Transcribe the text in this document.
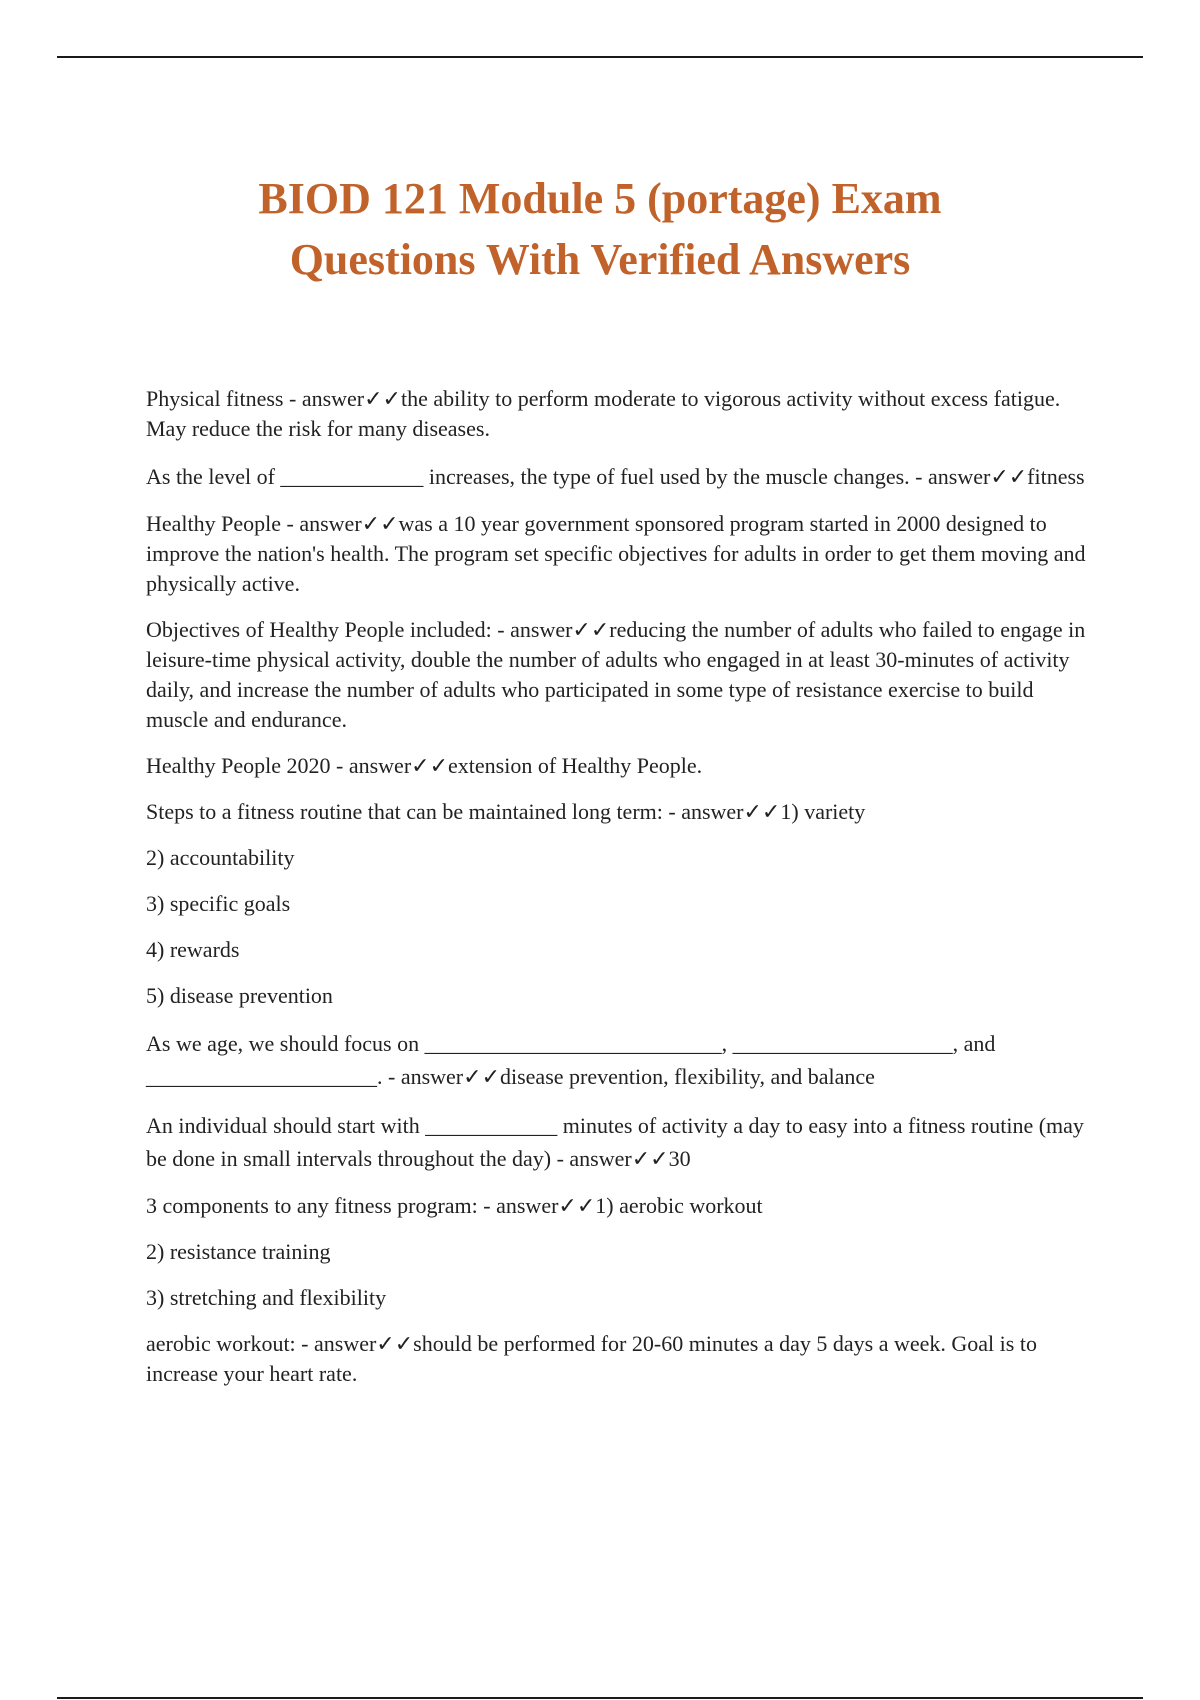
BIOD 121 Module 5 (portage) Exam
Questions With Verified Answers

Physical fitness - answer✓✓the ability to perform moderate to vigorous activity without excess fatigue. May reduce the risk for many diseases.

As the level of _____________ increases, the type of fuel used by the muscle changes. - answer✓✓fitness

Healthy People - answer✓✓was a 10 year government sponsored program started in 2000 designed to improve the nation's health. The program set specific objectives for adults in order to get them moving and physically active.

Objectives of Healthy People included: - answer✓✓reducing the number of adults who failed to engage in leisure-time physical activity, double the number of adults who engaged in at least 30-minutes of activity daily, and increase the number of adults who participated in some type of resistance exercise to build muscle and endurance.

Healthy People 2020 - answer✓✓extension of Healthy People.

Steps to a fitness routine that can be maintained long term: - answer✓✓1) variety

2) accountability

3) specific goals

4) rewards

5) disease prevention

As we age, we should focus on ___________________________, ____________________, and _____________________. - answer✓✓disease prevention, flexibility, and balance

An individual should start with ____________ minutes of activity a day to easy into a fitness routine (may be done in small intervals throughout the day) - answer✓✓30

3 components to any fitness program: - answer✓✓1) aerobic workout

2) resistance training

3) stretching and flexibility

aerobic workout: - answer✓✓should be performed for 20-60 minutes a day 5 days a week. Goal is to increase your heart rate.
